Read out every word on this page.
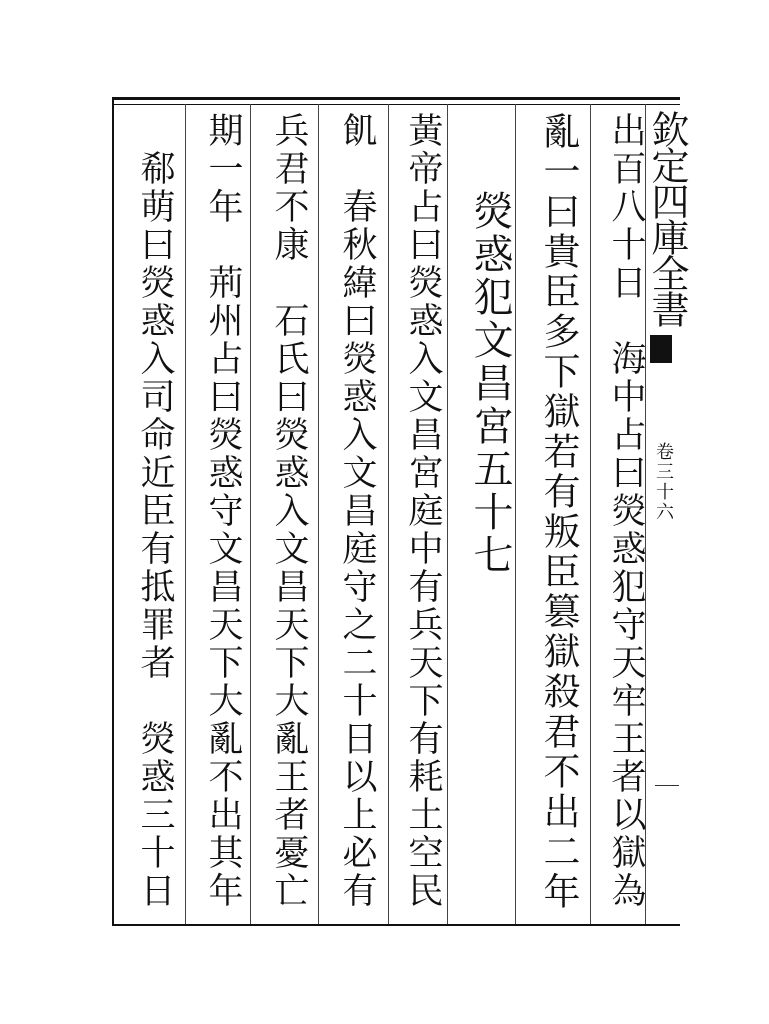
欽定四庫全書
卷三十六
出百八十日　海中占曰熒惑犯守天牢王者以獄為
亂一曰貴臣多下獄若有叛臣篡獄殺君不出二年
熒惑犯文昌宮五十七
黃帝占曰熒惑入文昌宮庭中有兵天下有耗土空民
飢　春秋緯曰熒惑入文昌庭守之二十日以上必有
兵君不康　石氏曰熒惑入文昌天下大亂王者憂亡
期一年　荊州占曰熒惑守文昌天下大亂不出其年
郗萌曰熒惑入司命近臣有抵罪者　熒惑三十日
